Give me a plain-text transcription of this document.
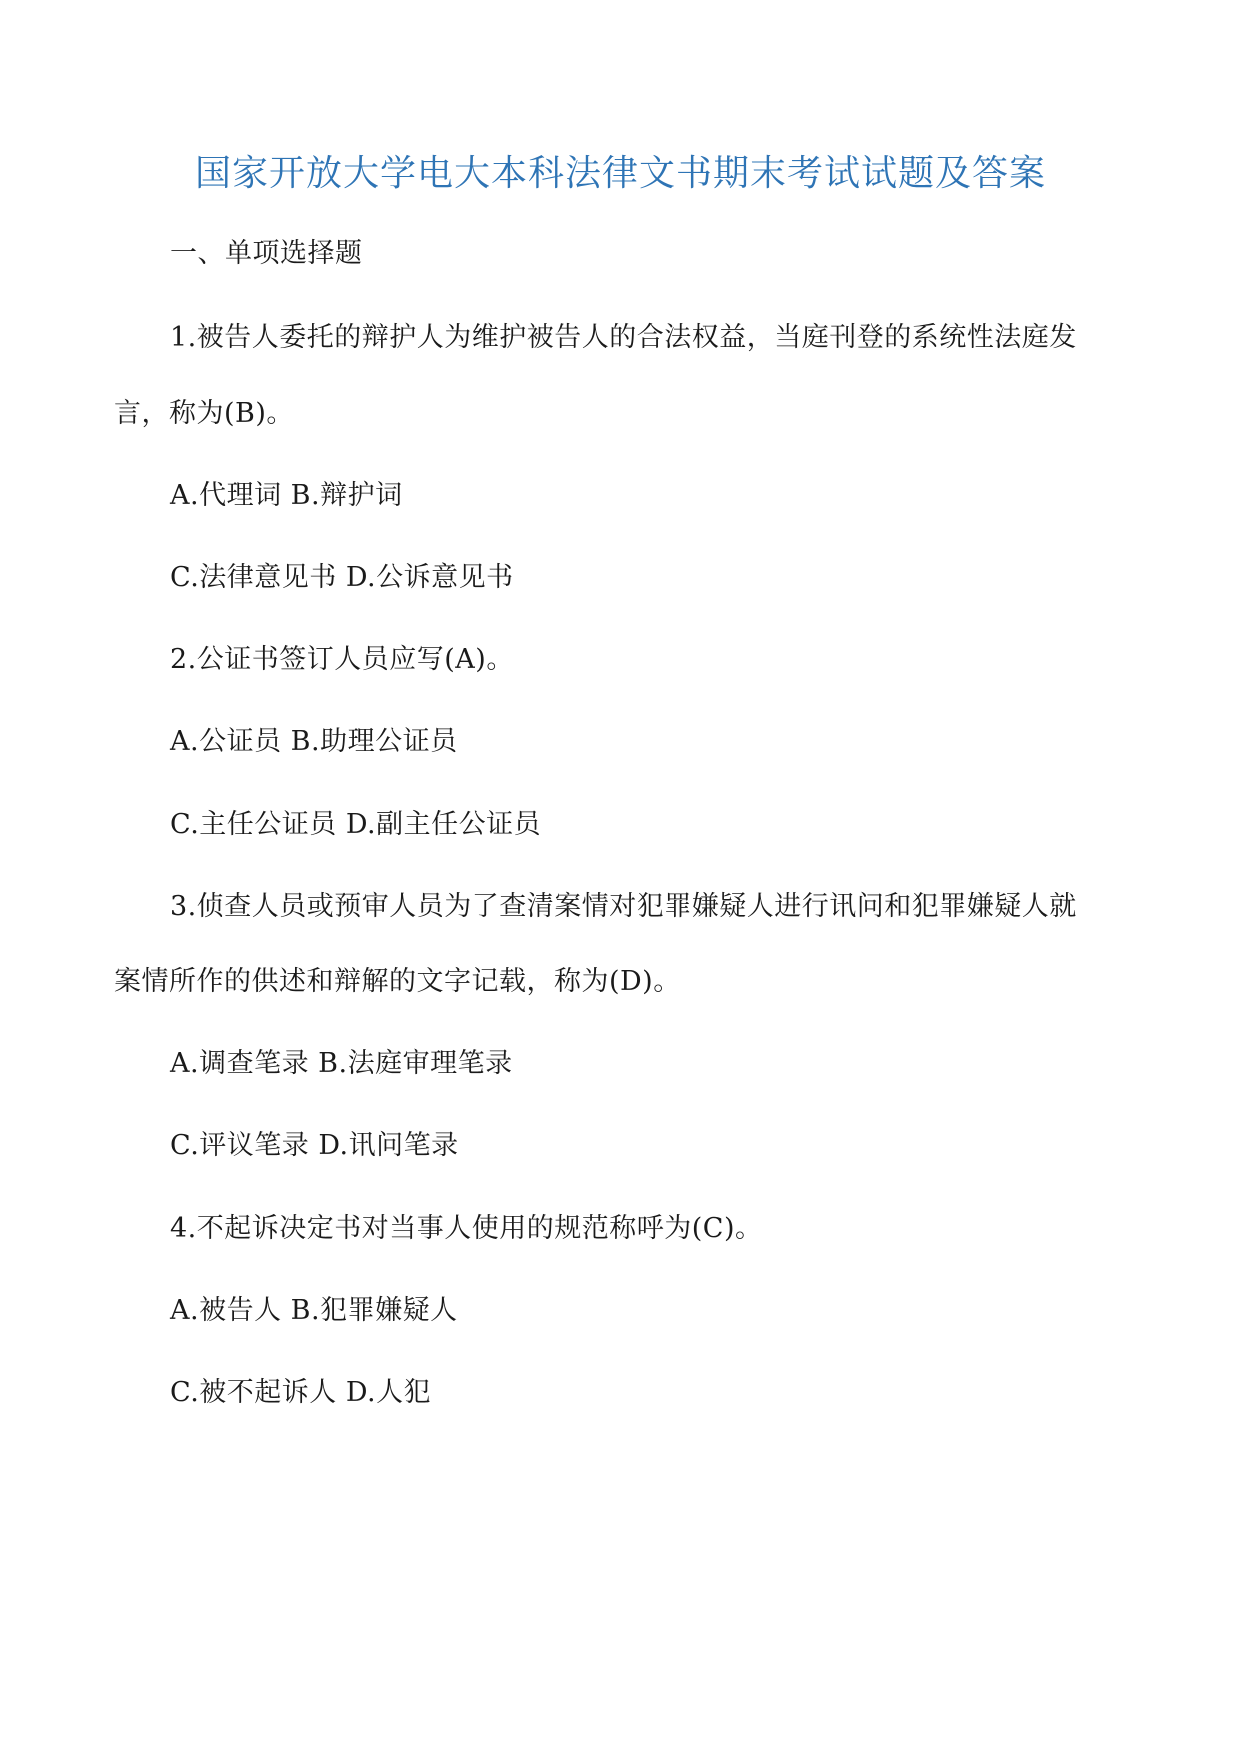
国家开放大学电大本科法律文书期末考试试题及答案
一、单项选择题
1.被告人委托的辩护人为维护被告人的合法权益，当庭刊登的系统性法庭发
言，称为(B)。
A.代理词 B.辩护词
C.法律意见书 D.公诉意见书
2.公证书签订人员应写(A)。
A.公证员 B.助理公证员
C.主任公证员 D.副主任公证员
3.侦查人员或预审人员为了查清案情对犯罪嫌疑人进行讯问和犯罪嫌疑人就
案情所作的供述和辩解的文字记载，称为(D)。
A.调查笔录 B.法庭审理笔录
C.评议笔录 D.讯问笔录
4.不起诉决定书对当事人使用的规范称呼为(C)。
A.被告人 B.犯罪嫌疑人
C.被不起诉人 D.人犯
